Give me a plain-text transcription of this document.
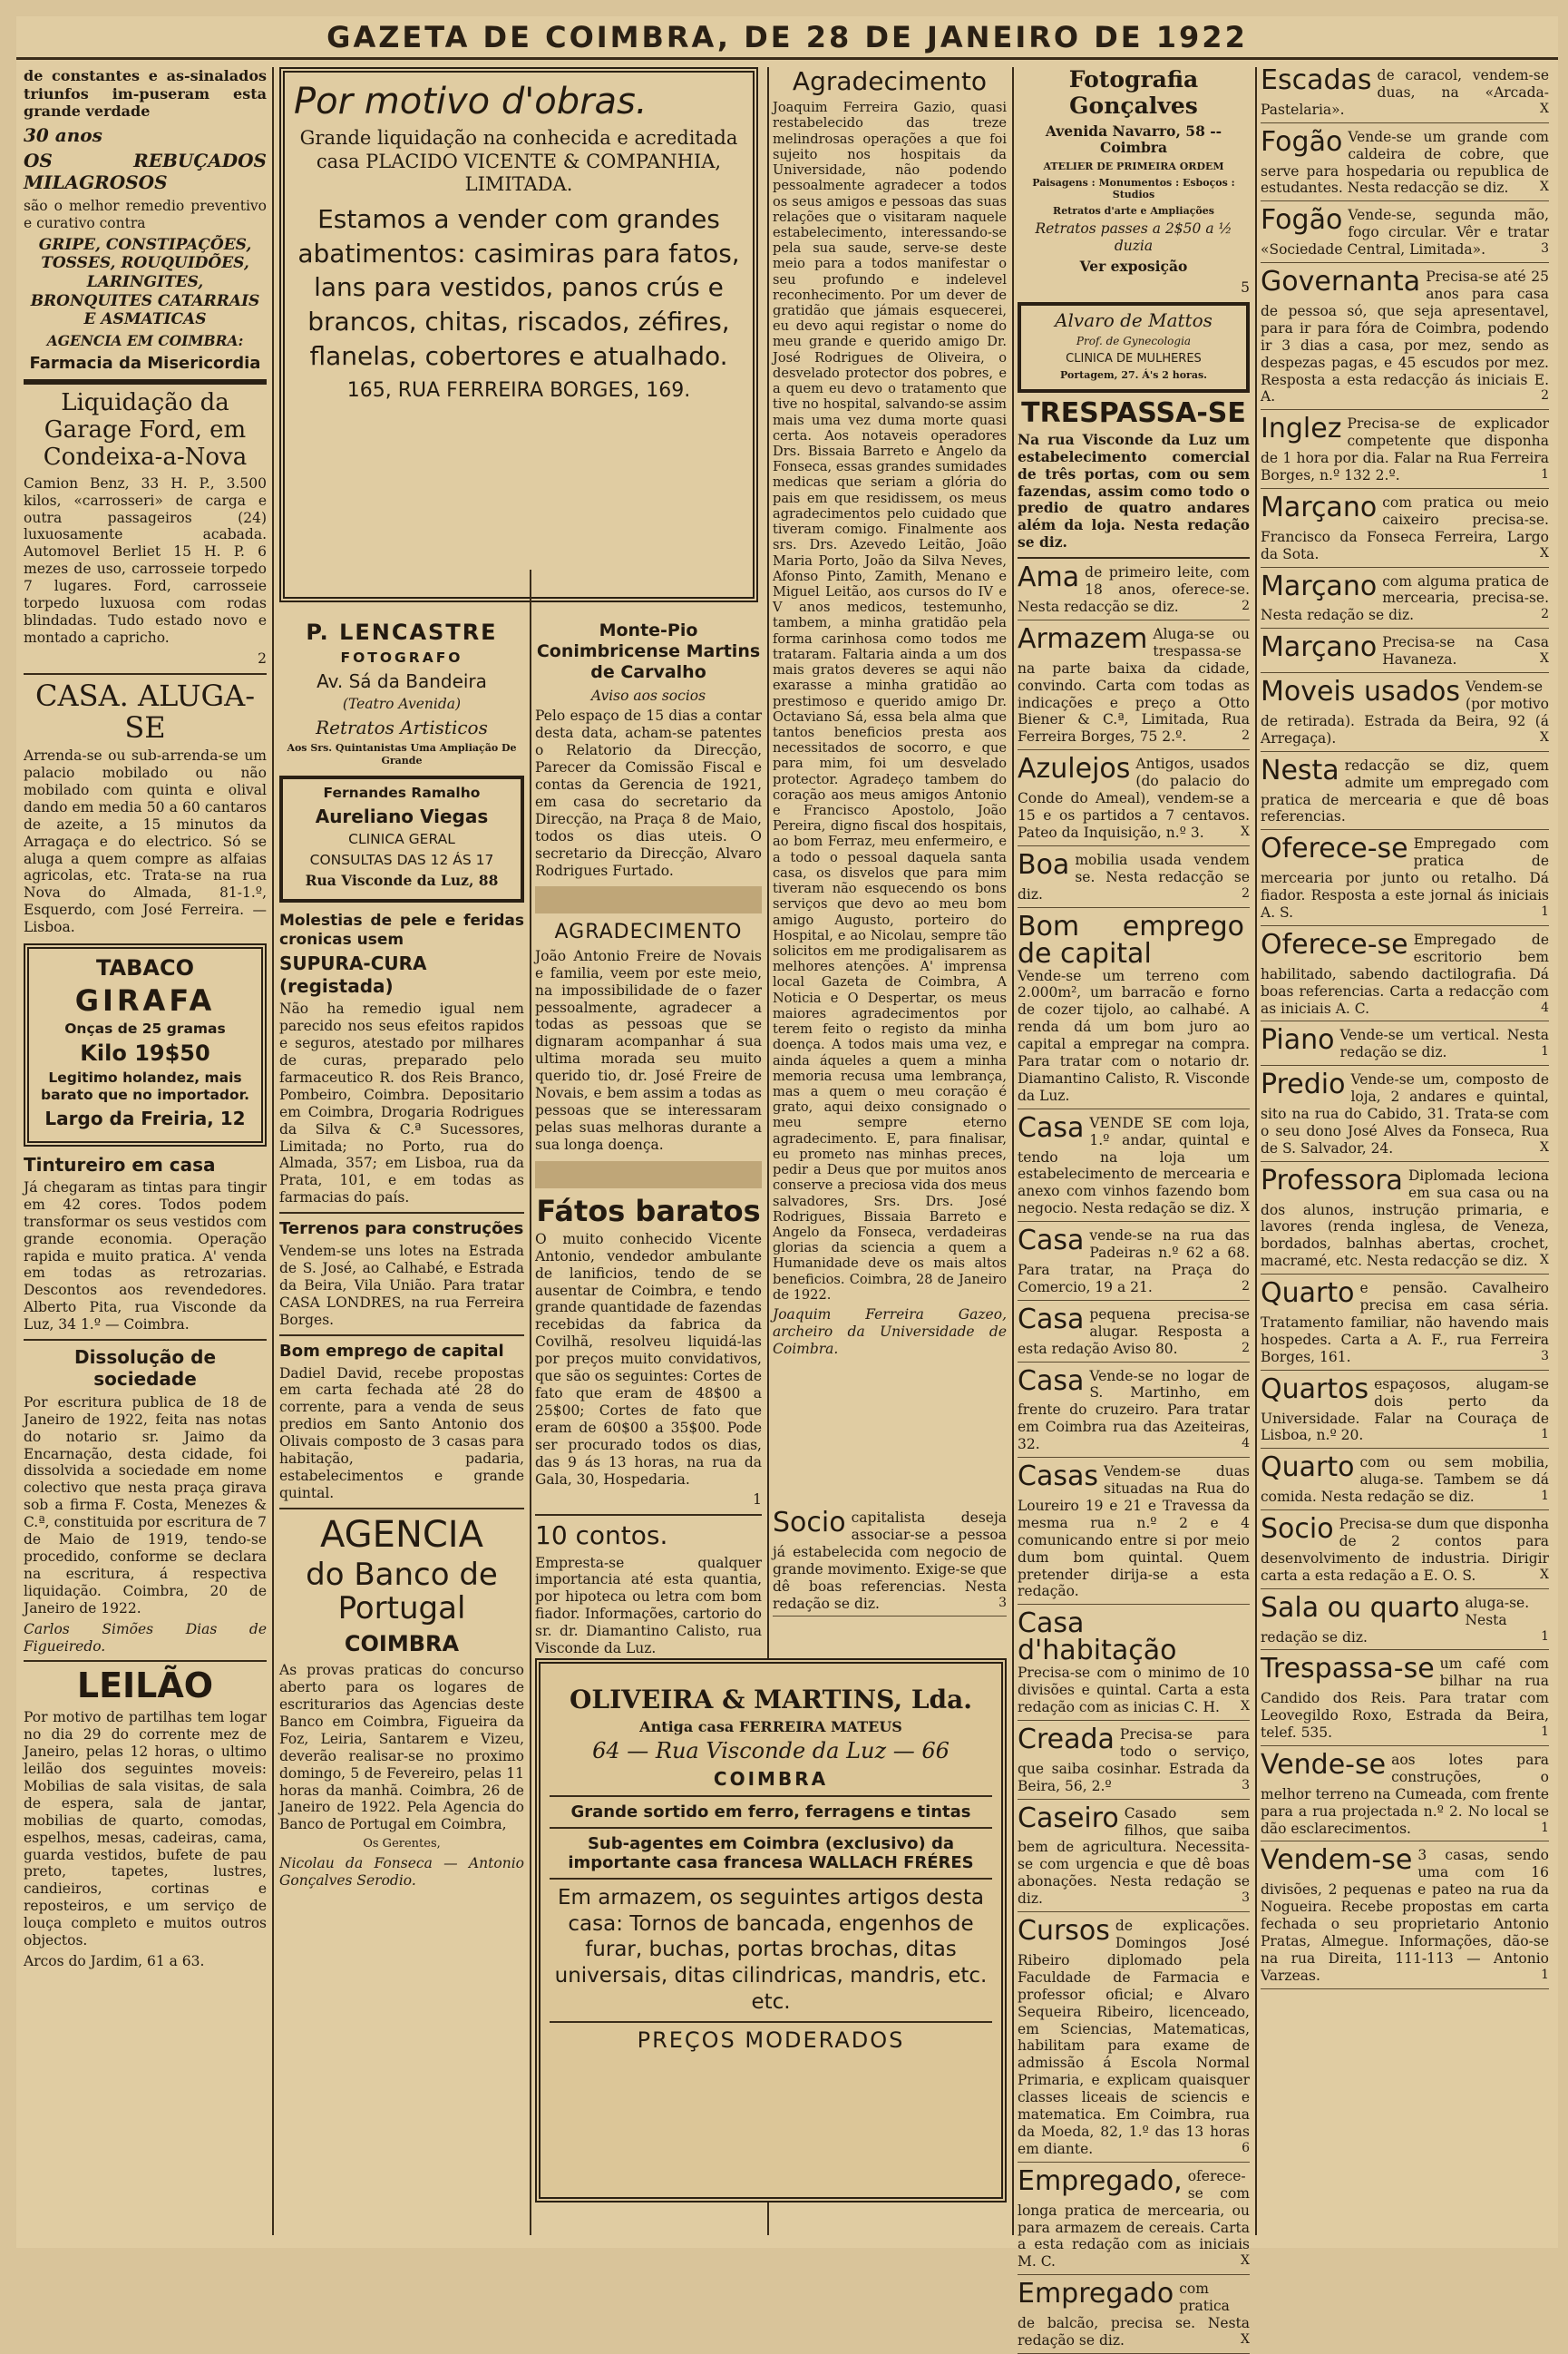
GAZETA DE COIMBRA, DE 28 DE JANEIRO DE 1922

de constantes e as-sinalados triunfos im-puseram esta grande verdade

30 anos

OS REBUÇADOS MILAGROSOS

são o melhor remedio preventivo e curativo contra

GRIPE, CONSTIPAÇÕES, TOSSES, ROUQUIDÕES, LARINGITES, BRONQUITES CATARRAIS E ASMATICAS

AGENCIA EM COIMBRA:

Farmacia da Misericordia

Liquidação da Garage Ford, em Condeixa-a-Nova

Camion Benz, 33 H. P., 3.500 kilos, «carrosseri» de carga e outra passageiros (24) luxuosamente acabada. Automovel Berliet 15 H. P. 6 mezes de uso, carrosseie torpedo 7 lugares. Ford, carrosseie torpedo luxuosa com rodas blindadas. Tudo estado novo e montado a capricho.

2

CASA. ALUGA-SE

Arrenda-se ou sub-arrenda-se um palacio mobilado ou não mobilado com quinta e olival dando em media 50 a 60 cantaros de azeite, a 15 minutos da Arragaça e do electrico. Só se aluga a quem compre as alfaias agricolas, etc. Trata-se na rua Nova do Almada, 81-1.º, Esquerdo, com José Ferreira. — Lisboa.

TABACO

GIRAFA

Onças de 25 gramas

Kilo 19$50

Legitimo holandez, mais barato que no importador.

Largo da Freiria, 12

Tintureiro em casa

Já chegaram as tintas para tingir em 42 cores. Todos podem transformar os seus vestidos com grande economia. Operação rapida e muito pratica. A' venda em todas as retrozarias. Descontos aos revendedores. Alberto Pita, rua Visconde da Luz, 34 1.º — Coimbra.

Dissolução de sociedade

Por escritura publica de 18 de Janeiro de 1922, feita nas notas do notario sr. Jaimo da Encarnação, desta cidade, foi dissolvida a sociedade em nome colectivo que nesta praça girava sob a firma F. Costa, Menezes & C.ª, constituida por escritura de 7 de Maio de 1919, tendo-se procedido, conforme se declara na escritura, á respectiva liquidação. Coimbra, 20 de Janeiro de 1922.

Carlos Simões Dias de Figueiredo.

LEILÃO

Por motivo de partilhas tem logar no dia 29 do corrente mez de Janeiro, pelas 12 horas, o ultimo leilão dos seguintes moveis: Mobilias de sala visitas, de sala de espera, sala de jantar, mobilias de quarto, comodas, espelhos, mesas, cadeiras, cama, guarda vestidos, bufete de pau preto, tapetes, lustres, candieiros, cortinas e reposteiros, e um serviço de louça completo e muitos outros objectos.

Arcos do Jardim, 61 a 63.

Por motivo d'obras.

Grande liquidação na conhecida e acreditada casa PLACIDO VICENTE & COMPANHIA, LIMITADA.

Estamos a vender com grandes abatimentos: casimiras para fatos, lans para vestidos, panos crús e brancos, chitas, riscados, zéfires, flanelas, cobertores e atualhado.

165, RUA FERREIRA BORGES, 169.

P. LENCASTRE

FOTOGRAFO

Av. Sá da Bandeira

(Teatro Avenida)

Retratos Artisticos

Aos Srs. Quintanistas Uma Ampliação De Grande

Fernandes Ramalho

Aureliano Viegas

CLINICA GERAL

CONSULTAS DAS 12 ÁS 17

Rua Visconde da Luz, 88

Molestias de pele e feridas cronicas usem

SUPURA-CURA (registada)

Não ha remedio igual nem parecido nos seus efeitos rapidos e seguros, atestado por milhares de curas, preparado pelo farmaceutico R. dos Reis Branco, Pombeiro, Coimbra. Depositario em Coimbra, Drogaria Rodrigues da Silva & C.ª Sucessores, Limitada; no Porto, rua do Almada, 357; em Lisboa, rua da Prata, 101, e em todas as farmacias do país.

Terrenos para construções

Vendem-se uns lotes na Estrada de S. José, ao Calhabé, e Estrada da Beira, Vila União. Para tratar CASA LONDRES, na rua Ferreira Borges.

Bom emprego de capital

Dadiel David, recebe propostas em carta fechada até 28 do corrente, para a venda de seus predios em Santo Antonio dos Olivais composto de 3 casas para habitação, padaria, estabelecimentos e grande quintal.

AGENCIA

do Banco de Portugal

COIMBRA

As provas praticas do concurso aberto para os logares de escriturarios das Agencias deste Banco em Coimbra, Figueira da Foz, Leiria, Santarem e Vizeu, deverão realisar-se no proximo domingo, 5 de Fevereiro, pelas 11 horas da manhã. Coimbra, 26 de Janeiro de 1922. Pela Agencia do Banco de Portugal em Coimbra,

Os Gerentes,

Nicolau da Fonseca — Antonio Gonçalves Serodio.

Monte-Pio Conimbricense Martins de Carvalho

Aviso aos socios

Pelo espaço de 15 dias a contar desta data, acham-se patentes o Relatorio da Direcção, Parecer da Comissão Fiscal e contas da Gerencia de 1921, em casa do secretario da Direcção, na Praça 8 de Maio, todos os dias uteis. O secretario da Direcção, Alvaro Rodrigues Furtado.

AGRADECIMENTO

João Antonio Freire de Novais e familia, veem por este meio, na impossibilidade de o fazer pessoalmente, agradecer a todas as pessoas que se dignaram acompanhar á sua ultima morada seu muito querido tio, dr. José Freire de Novais, e bem assim a todas as pessoas que se interessaram pelas suas melhoras durante a sua longa doença.

Fátos baratos

O muito conhecido Vicente Antonio, vendedor ambulante de lanificios, tendo de se ausentar de Coimbra, e tendo grande quantidade de fazendas recebidas da fabrica da Covilhã, resolveu liquidá-las por preços muito convidativos, que são os seguintes: Cortes de fato que eram de 48$00 a 25$00; Cortes de fato que eram de 60$00 a 35$00. Pode ser procurado todos os dias, das 9 ás 13 horas, na rua da Gala, 30, Hospedaria.

1

10 contos.

Empresta-se qualquer importancia até esta quantia, por hipoteca ou letra com bom fiador. Informações, cartorio do sr. dr. Diamantino Calisto, rua Visconde da Luz.

Agradecimento

Joaquim Ferreira Gazio, quasi restabelecido das treze melindrosas operações a que foi sujeito nos hospitais da Universidade, não podendo pessoalmente agradecer a todos os seus amigos e pessoas das suas relações que o visitaram naquele estabelecimento, interessando-se pela sua saude, serve-se deste meio para a todos manifestar o seu profundo e indelevel reconhecimento. Por um dever de gratidão que jámais esquecerei, eu devo aqui registar o nome do meu grande e querido amigo Dr. José Rodrigues de Oliveira, o desvelado protector dos pobres, e a quem eu devo o tratamento que tive no hospital, salvando-se assim mais uma vez duma morte quasi certa. Aos notaveis operadores Drs. Bissaia Barreto e Angelo da Fonseca, essas grandes sumidades medicas que seriam a glória do pais em que residissem, os meus agradecimentos pelo cuidado que tiveram comigo. Finalmente aos srs. Drs. Azevedo Leitão, João Maria Porto, João da Silva Neves, Afonso Pinto, Zamith, Menano e Miguel Leitão, aos cursos do IV e V anos medicos, testemunho, tambem, a minha gratidão pela forma carinhosa como todos me trataram. Faltaria ainda a um dos mais gratos deveres se aqui não exarasse a minha gratidão ao prestimoso e querido amigo Dr. Octaviano Sá, essa bela alma que tantos beneficios presta aos necessitados de socorro, e que para mim, foi um desvelado protector. Agradeço tambem do coração aos meus amigos Antonio e Francisco Apostolo, João Pereira, digno fiscal dos hospitais, ao bom Ferraz, meu enfermeiro, e a todo o pessoal daquela santa casa, os disvelos que para mim tiveram não esquecendo os bons serviços que devo ao meu bom amigo Augusto, porteiro do Hospital, e ao Nicolau, sempre tão solicitos em me prodigalisarem as melhores atenções. A' imprensa local Gazeta de Coimbra, A Noticia e O Despertar, os meus maiores agradecimentos por terem feito o registo da minha doença. A todos mais uma vez, e ainda áqueles a quem a minha memoria recusa uma lembrança, mas a quem o meu coração é grato, aqui deixo consignado o meu sempre eterno agradecimento. E, para finalisar, eu prometo nas minhas preces, pedir a Deus que por muitos anos conserve a preciosa vida dos meus salvadores, Srs. Drs. José Rodrigues, Bissaia Barreto e Angelo da Fonseca, verdadeiras glorias da sciencia a quem a Humanidade deve os mais altos beneficios. Coimbra, 28 de Janeiro de 1922.

Joaquim Ferreira Gazeo, archeiro da Universidade de Coimbra.

Socio capitalista deseja associar-se a pessoa já estabelecida com negocio de grande movimento. Exige-se que dê boas referencias. Nesta redação se diz.	3

OLIVEIRA & MARTINS, Lda.

Antiga casa FERREIRA MATEUS

64 — Rua Visconde da Luz — 66

COIMBRA

Grande sortido em ferro, ferragens e tintas

Sub-agentes em Coimbra (exclusivo) da importante casa francesa WALLACH FRÉRES

Em armazem, os seguintes artigos desta casa: Tornos de bancada, engenhos de furar, buchas, portas brochas, ditas universais, ditas cilindricas, mandris, etc. etc.

PREÇOS MODERADOS

Fotografia Gonçalves

Avenida Navarro, 58 -- Coimbra

ATELIER DE PRIMEIRA ORDEM

Paisagens : Monumentos : Esboços : Studios

Retratos d'arte e Ampliações

Retratos passes a 2$50 a ½ duzia

Ver exposição

5

Alvaro de Mattos

Prof. de Gynecologia

CLINICA DE MULHERES

Portagem, 27. Á's 2 horas.

TRESPASSA-SE

Na rua Visconde da Luz um estabelecimento comercial de três portas, com ou sem fazendas, assim como todo o predio de quatro andares além da loja. Nesta redação se diz.

Ama de primeiro leite, com 18 anos, oferece-se. Nesta redacção se diz.	2
Armazem Aluga-se ou trespassa-se na parte baixa da cidade, convindo. Carta com todas as indicações e preço a Otto Biener & C.ª, Limitada, Rua Ferreira Borges, 75 2.º.	2
Azulejos Antigos, usados (do palacio do Conde do Ameal), vendem-se a 15 e os partidos a 7 centavos. Pateo da Inquisição, n.º 3.	X
Boa mobilia usada vendem se. Nesta redacção se diz.	2
Bom emprego de capital
Vende-se um terreno com 2.000m², um barracão e forno de cozer tijolo, ao calhabé. A renda dá um bom juro ao capital a empregar na compra. Para tratar com o notario dr. Diamantino Calisto, R. Visconde da Luz.
Casa VENDE SE com loja, 1.º andar, quintal e tendo na loja um estabelecimento de mercearia e anexo com vinhos fazendo bom negocio. Nesta redação se diz. X
Casa vende-se na rua das Padeiras n.º 62 a 68. Para tratar, na Praça do Comercio, 19 a 21.	2
Casa pequena precisa-se alugar. Resposta a esta redação Aviso 80.	2
Casa Vende-se no logar de S. Martinho, em frente do cruzeiro. Para tratar em Coimbra rua das Azeiteiras, 32.	4
Casas Vendem-se duas situadas na Rua do Loureiro 19 e 21 e Travessa da mesma rua n.º 2 e 4 comunicando entre si por meio dum bom quintal. Quem pretender dirija-se a esta redação.
Casa d'habitação
Precisa-se com o minimo de 10 divisões e quintal. Carta a esta redação com as inicias C. H. X
Creada Precisa-se para todo o serviço, que saiba cosinhar. Estrada da Beira, 56, 2.º	3
Caseiro Casado sem filhos, que saiba bem de agricultura. Necessita-se com urgencia e que dê boas abonações. Nesta redação se diz.	3
Cursos de explicações. Domingos José Ribeiro diplomado pela Faculdade de Farmacia e professor oficial; e Alvaro Sequeira Ribeiro, licenceado, em Sciencias, Matematicas, habilitam para exame de admissão á Escola Normal Primaria, e explicam quaisquer classes liceais de sciencis e matematica. Em Coimbra, rua da Moeda, 82, 1.º das 13 horas em diante.	6
Empregado, oferece-se com longa pratica de mercearia, ou para armazem de cereais. Carta a esta redação com as iniciais M. C.	X
Empregado com pratica de balcão, precisa se. Nesta redação se diz.	X
Escadas de caracol, vendem-se duas, na «Arcada-Pastelaria».	X
Fogão Vende-se um grande com caldeira de cobre, que serve para hospedaria ou republica de estudantes. Nesta redacção se diz. X
Fogão Vende-se, segunda mão, fogo circular. Vêr e tratar «Sociedade Central, Limitada».	3
Governanta Precisa-se até 25 anos para casa de pessoa só, que seja apresentavel, para ir para fóra de Coimbra, podendo ir 3 dias a casa, por mez, sendo as despezas pagas, e 45 escudos por mez. Resposta a esta redacção ás iniciais E. A.	2
Inglez Precisa-se de explicador competente que disponha de 1 hora por dia. Falar na Rua Ferreira Borges, n.º 132 2.º.	1
Marçano com pratica ou meio caixeiro precisa-se. Francisco da Fonseca Ferreira, Largo da Sota.	X
Marçano com alguma pratica de mercearia, precisa-se. Nesta redação se diz.	2
Marçano Precisa-se na Casa Havaneza.	X
Moveis usados Vendem-se (por motivo de retirada). Estrada da Beira, 92 (á Arregaça).	X
Nesta redacção se diz, quem admite um empregado com pratica de mercearia e que dê boas referencias.
Oferece-se Empregado com pratica de mercearia por junto ou retalho. Dá fiador. Resposta a este jornal ás iniciais A. S.	1
Oferece-se Empregado de escritorio bem habilitado, sabendo dactilografia. Dá boas referencias. Carta a redacção com as iniciais A. C.	4
Piano Vende-se um vertical. Nesta redação se diz.	1
Predio Vende-se um, composto de loja, 2 andares e quintal, sito na rua do Cabido, 31. Trata-se com o seu dono José Alves da Fonseca, Rua de S. Salvador, 24.	X
Professora Diplomada leciona em sua casa ou na dos alunos, instrução primaria, e lavores (renda inglesa, de Veneza, bordados, balnhas abertas, crochet, macramé, etc. Nesta redacção se diz. X
Quarto e pensão. Cavalheiro precisa em casa séria. Tratamento familiar, não havendo mais hospedes. Carta a A. F., rua Ferreira Borges, 161.	3
Quartos espaçosos, alugam-se dois perto da Universidade. Falar na Couraça de Lisboa, n.º 20.	1
Quarto com ou sem mobilia, aluga-se. Tambem se dá comida. Nesta redação se diz.	1
Socio Precisa-se dum que disponha de 2 contos para desenvolvimento de industria. Dirigir carta a esta redação a E. O. S.	X
Sala ou quarto aluga-se. Nesta redação se diz.	1
Trespassa-se um café com bilhar na rua Candido dos Reis. Para tratar com Leovegildo Roxo, Estrada da Beira, telef. 535.	1
Vende-se aos lotes para construções, o melhor terreno na Cumeada, com frente para a rua projectada n.º 2. No local se dão esclarecimentos.	1
Vendem-se 3 casas, sendo uma com 16 divisões, 2 pequenas e pateo na rua da Nogueira. Recebe propostas em carta fechada o seu proprietario Antonio Pratas, Almegue. Informações, dão-se na rua Direita, 111-113 — Antonio Varzeas.	1
